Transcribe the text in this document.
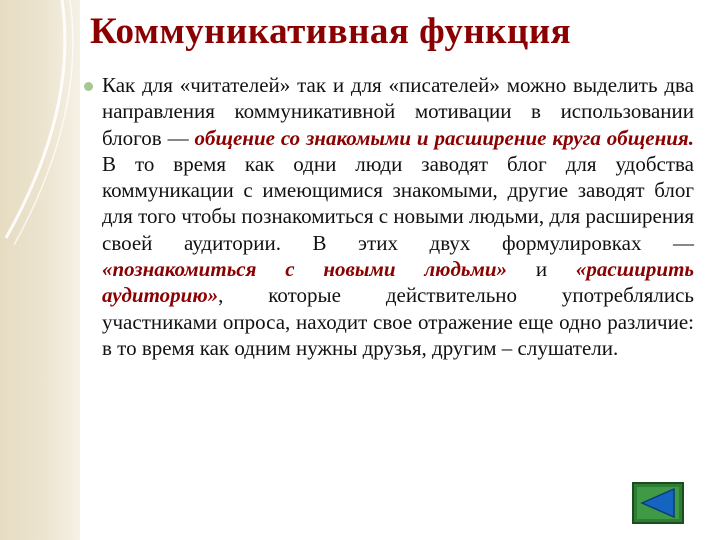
Коммуникативная функция
Как для «читателей» так и для «писателей» можно выделить два направления коммуникативной мотивации в использовании блогов — общение со знакомыми и расширение круга общения. В то время как одни люди заводят блог для удобства коммуникации с имеющимися знакомыми, другие заводят блог для того чтобы познакомиться с новыми людьми, для расширения своей аудитории. В этих двух формулировках — «познакомиться с новыми людьми» и «расширить аудиторию», которые действительно употреблялись участниками опроса, находит свое отражение еще одно различие: в то время как одним нужны друзья, другим – слушатели.
